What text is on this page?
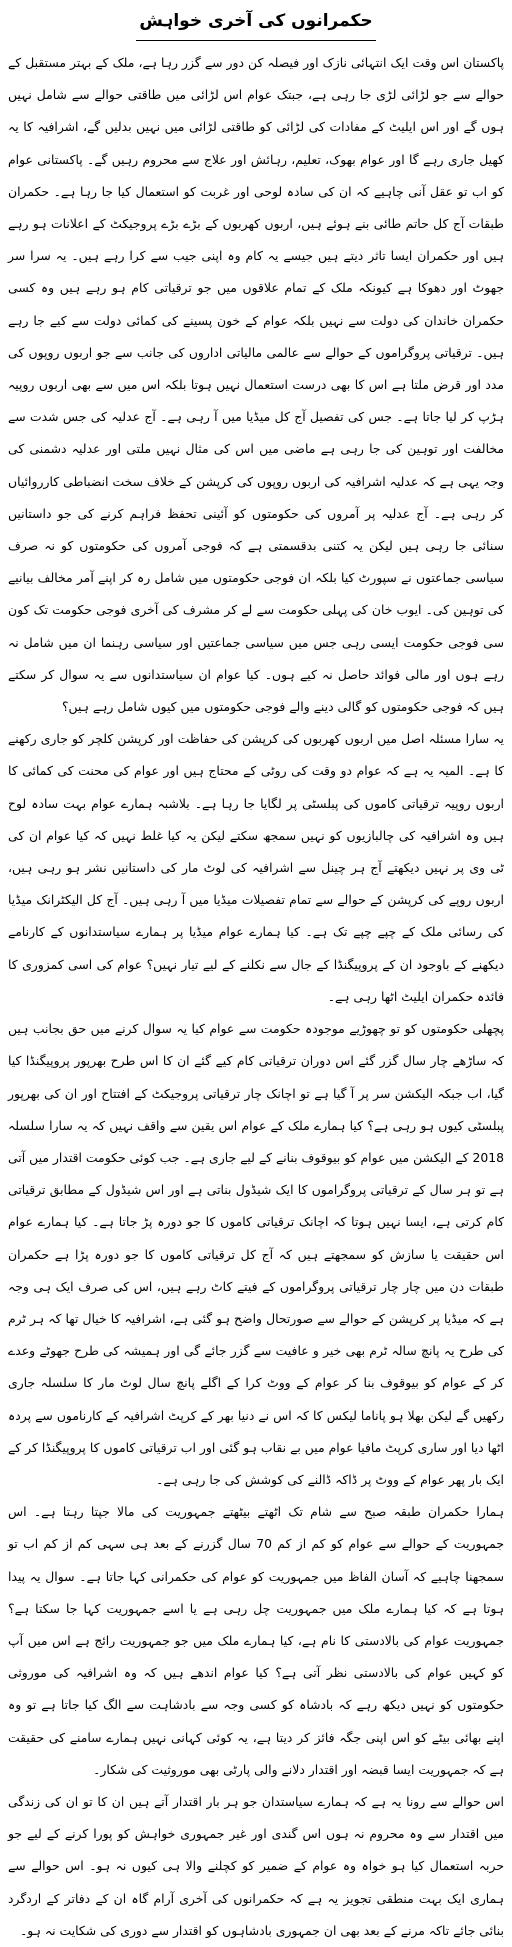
حکمرانوں کی آخری خواہش

پاکستان اس وقت ایک انتہائی نازک اور فیصلہ کن دور سے گزر رہا ہے، ملک کے بہتر مستقبل کے حوالے سے جو لڑائی لڑی جا رہی ہے، جبتک عوام اس لڑائی میں طاقتی حوالے سے شامل نہیں ہوں گے اور اس ایلیٹ کے مفادات کی لڑائی کو طاقتی لڑائی میں نہیں بدلیں گے، اشرافیہ کا یہ کھیل جاری رہے گا اور عوام بھوک، تعلیم، رہائش اور علاج سے محروم رہیں گے۔ پاکستانی عوام کو اب تو عقل آنی چاہیے کہ ان کی سادہ لوحی اور غربت کو استعمال کیا جا رہا ہے۔ حکمران طبقات آج کل حاتم طائی بنے ہوئے ہیں، اربوں کھربوں کے بڑے بڑے پروجیکٹ کے اعلانات ہو رہے ہیں اور حکمران ایسا تاثر دیتے ہیں جیسے یہ کام وہ اپنی جیب سے کرا رہے ہیں۔ یہ سرا سر جھوٹ اور دھوکا ہے کیونکہ ملک کے تمام علاقوں میں جو ترقیاتی کام ہو رہے ہیں وہ کسی حکمران خاندان کی دولت سے نہیں بلکہ عوام کے خون پسینے کی کمائی دولت سے کیے جا رہے ہیں۔ ترقیاتی پروگراموں کے حوالے سے عالمی مالیاتی اداروں کی جانب سے جو اربوں روپوں کی مدد اور قرض ملتا ہے اس کا بھی درست استعمال نہیں ہوتا بلکہ اس میں سے بھی اربوں روپیہ ہڑپ کر لیا جاتا ہے۔ جس کی تفصیل آج کل میڈیا میں آ رہی ہے۔ آج عدلیہ کی جس شدت سے مخالفت اور توہین کی جا رہی ہے ماضی میں اس کی مثال نہیں ملتی اور عدلیہ دشمنی کی وجہ یہی ہے کہ عدلیہ اشرافیہ کی اربوں روپوں کی کرپشن کے خلاف سخت انضباطی کارروائیاں کر رہی ہے۔ آج عدلیہ پر آمروں کی حکومتوں کو آئینی تحفظ فراہم کرنے کی جو داستانیں سنائی جا رہی ہیں لیکن یہ کتنی بدقسمتی ہے کہ فوجی آمروں کی حکومتوں کو نہ صرف سیاسی جماعتوں نے سپورٹ کیا بلکہ ان فوجی حکومتوں میں شامل رہ کر اپنے آمر مخالف بیانیے کی توہین کی۔ ایوب خان کی پہلی حکومت سے لے کر مشرف کی آخری فوجی حکومت تک کون سی فوجی حکومت ایسی رہی جس میں سیاسی جماعتیں اور سیاسی رہنما ان میں شامل نہ رہے ہوں اور مالی فوائد حاصل نہ کیے ہوں۔ کیا عوام ان سیاستدانوں سے یہ سوال کر سکتے ہیں کہ فوجی حکومتوں کو گالی دینے والے فوجی حکومتوں میں کیوں شامل رہے ہیں؟

یہ سارا مسئلہ اصل میں اربوں کھربوں کی کرپشن کی حفاظت اور کرپشن کلچر کو جاری رکھنے کا ہے۔ المیہ یہ ہے کہ عوام دو وقت کی روٹی کے محتاج ہیں اور عوام کی محنت کی کمائی کا اربوں روپیہ ترقیاتی کاموں کی پبلسٹی پر لگایا جا رہا ہے۔ بلاشبہ ہمارے عوام بہت سادہ لوح ہیں وہ اشرافیہ کی چالبازیوں کو نہیں سمجھ سکتے لیکن یہ کیا غلط نہیں کہ کیا عوام ان کی ٹی وی پر نہیں دیکھتے آج ہر چینل سے اشرافیہ کی لوٹ مار کی داستانیں نشر ہو رہی ہیں، اربوں روپے کی کرپشن کے حوالے سے تمام تفصیلات میڈیا میں آ رہی ہیں۔ آج کل الیکٹرانک میڈیا کی رسائی ملک کے چپے چپے تک ہے۔ کیا ہمارے عوام میڈیا پر ہمارے سیاستدانوں کے کارنامے دیکھنے کے باوجود ان کے پروپیگنڈا کے جال سے نکلنے کے لیے تیار نہیں؟ عوام کی اسی کمزوری کا فائدہ حکمران ایلیٹ اٹھا رہی ہے۔

پچھلی حکومتوں کو تو چھوڑیے موجودہ حکومت سے عوام کیا یہ سوال کرنے میں حق بجانب ہیں کہ ساڑھے چار سال گزر گئے اس دوران ترقیاتی کام کیے گئے ان کا اس طرح بھرپور پروپیگنڈا کیا گیا، اب جبکہ الیکشن سر پر آ گیا ہے تو اچانک چار ترقیاتی پروجیکٹ کے افتتاح اور ان کی بھرپور پبلسٹی کیوں ہو رہی ہے؟ کیا ہمارے ملک کے عوام اس یقین سے واقف نہیں کہ یہ سارا سلسلہ 2018 کے الیکشن میں عوام کو بیوقوف بنانے کے لیے جاری ہے۔ جب کوئی حکومت اقتدار میں آتی ہے تو ہر سال کے ترقیاتی پروگراموں کا ایک شیڈول بناتی ہے اور اس شیڈول کے مطابق ترقیاتی کام کرتی ہے، ایسا نہیں ہوتا کہ اچانک ترقیاتی کاموں کا جو دورہ پڑ جاتا ہے۔ کیا ہمارے عوام اس حقیقت یا سازش کو سمجھتے ہیں کہ آج کل ترقیاتی کاموں کا جو دورہ پڑا ہے حکمران طبقات دن میں چار چار ترقیاتی پروگراموں کے فیتے کاٹ رہے ہیں، اس کی صرف ایک ہی وجہ ہے کہ میڈیا پر کرپشن کے حوالے سے صورتحال واضح ہو گئی ہے، اشرافیہ کا خیال تھا کہ ہر ٹرم کی طرح یہ پانچ سالہ ٹرم بھی خیر و عافیت سے گزر جائے گی اور ہمیشہ کی طرح جھوٹے وعدے کر کے عوام کو بیوقوف بنا کر عوام کے ووٹ کرا کے اگلے پانچ سال لوٹ مار کا سلسلہ جاری رکھیں گے لیکن بھلا ہو پاناما لیکس کا کہ اس نے دنیا بھر کے کرپٹ اشرافیہ کے کارناموں سے پردہ اٹھا دیا اور ساری کرپٹ مافیا عوام میں بے نقاب ہو گئی اور اب ترقیاتی کاموں کا پروپیگنڈا کر کے ایک بار پھر عوام کے ووٹ پر ڈاکہ ڈالنے کی کوشش کی جا رہی ہے۔

ہمارا حکمران طبقہ صبح سے شام تک اٹھتے بیٹھتے جمہوریت کی مالا جپتا رہتا ہے۔ اس جمہوریت کے حوالے سے عوام کو کم از کم 70 سال گزرنے کے بعد ہی سہی کم از کم اب تو سمجھنا چاہیے کہ آسان الفاظ میں جمہوریت کو عوام کی حکمرانی کہا جاتا ہے۔ سوال یہ پیدا ہوتا ہے کہ کیا ہمارے ملک میں جمہوریت چل رہی ہے یا اسے جمہوریت کہا جا سکتا ہے؟ جمہوریت عوام کی بالادستی کا نام ہے، کیا ہمارے ملک میں جو جمہوریت رائج ہے اس میں آپ کو کہیں عوام کی بالادستی نظر آتی ہے؟ کیا عوام اندھے ہیں کہ وہ اشرافیہ کی موروثی حکومتوں کو نہیں دیکھ رہے کہ بادشاہ کو کسی وجہ سے بادشاہت سے الگ کیا جاتا ہے تو وہ اپنے بھائی بیٹے کو اس اپنی جگہ فائز کر دیتا ہے، یہ کوئی کہانی نہیں ہمارے سامنے کی حقیقت ہے کہ جمہوریت ایسا قبضہ اور اقتدار دلانے والی پارٹی بھی موروثیت کی شکار۔

اس حوالے سے رونا یہ ہے کہ ہمارے سیاستدان جو ہر بار اقتدار آتے ہیں ان کا تو ان کی زندگی میں اقتدار سے وہ محروم نہ ہوں اس گندی اور غیر جمہوری خواہش کو پورا کرنے کے لیے جو حربہ استعمال کیا ہو خواہ وہ عوام کے ضمیر کو کچلنے والا ہی کیوں نہ ہو۔ اس حوالے سے ہماری ایک بہت منطقی تجویز یہ ہے کہ حکمرانوں کی آخری آرام گاہ ان کے دفاتر کے اردگرد بنائی جائے تاکہ مرنے کے بعد بھی ان جمہوری بادشاہوں کو اقتدار سے دوری کی شکایت نہ ہو۔
